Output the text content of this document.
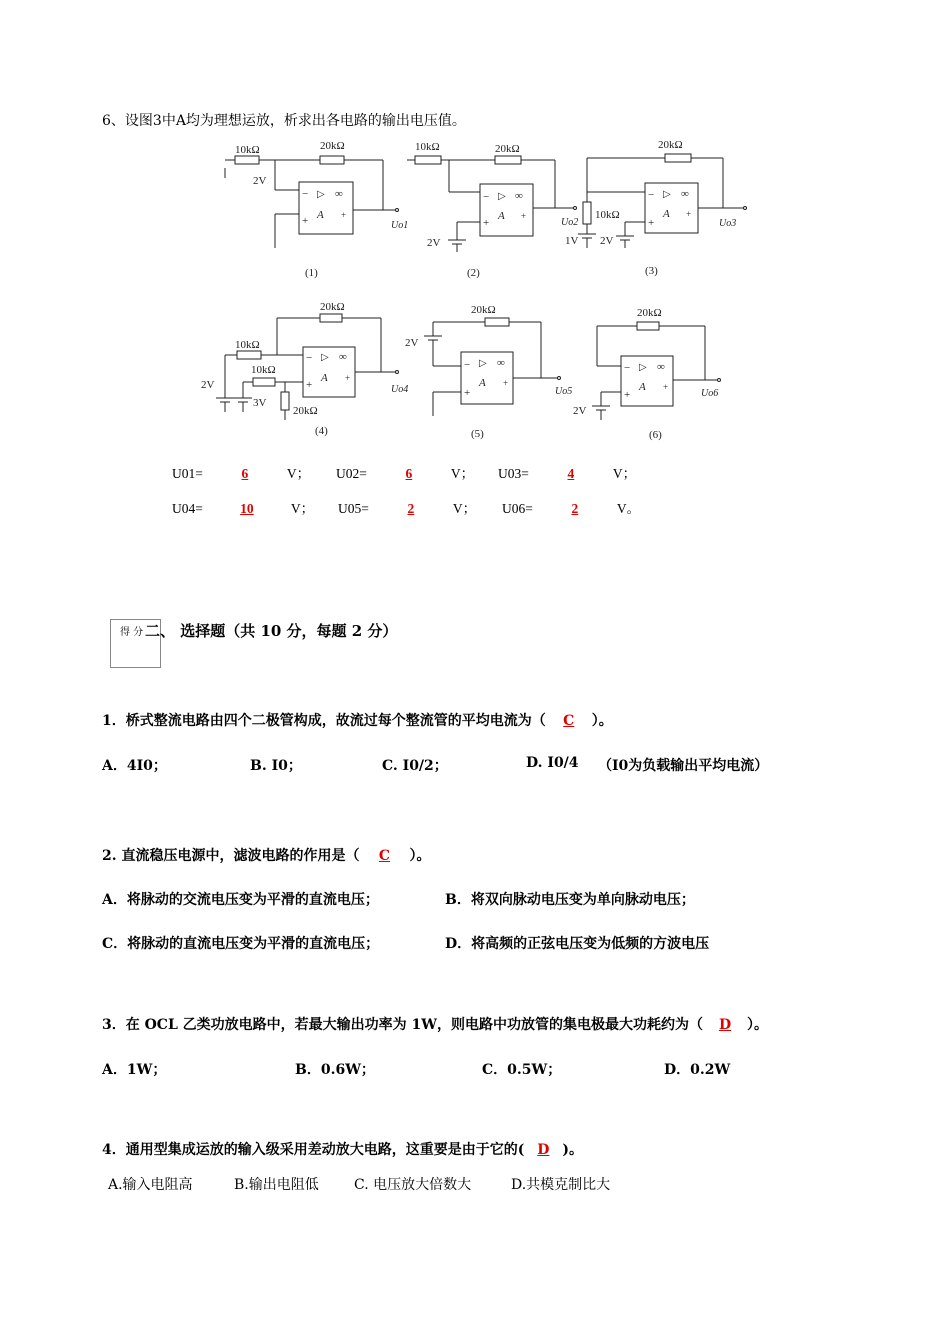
6、设图3中A均为理想运放，析求出各电路的输出电压值。
10kΩ	20kΩ
2V
▷ ∞
A
−
+	+
Uo1
(1)
10kΩ	20kΩ
2V
▷ ∞
A
−
+
+
Uo2
(2)
20kΩ
10kΩ
1V 2V
▷ ∞
A
−
+
+
Uo3
(3)
20kΩ
10kΩ
10kΩ
2V
3V
20kΩ
▷ ∞
A
−
+
+
Uo4
(4)
20kΩ
2V
▷ ∞
A
−
+
+
Uo5
(5)
20kΩ
2V
▷ ∞
A
−
+
+
Uo6
(6)
U01=	6	V； U02=	6	V； U03=	4	V；
U04=	10	V； U05=	2	V； U06=	2	V。
得 分 二、 选择题（共 10 分，每题 2 分）
1．桥式整流电路由四个二极管构成，故流过每个整流管的平均电流为（ C ）。
A．4I0；	B. I0；	C. I0/2；	D. I0/4 （I0为负载输出平均电流）
2. 直流稳压电源中，滤波电路的作用是（ C ）。
A．将脉动的交流电压变为平滑的直流电压；	B．将双向脉动电压变为单向脉动电压；
C．将脉动的直流电压变为平滑的直流电压；	D．将高频的正弦电压变为低频的方波电压
3．在 OCL 乙类功放电路中，若最大输出功率为 1W，则电路中功放管的集电极最大功耗约为（ D ）。
A．1W；	B．0.6W；	C．0.5W；	D．0.2W
4．通用型集成运放的输入级采用差动放大电路，这重要是由于它的( D )。
A.输入电阻高	B.输出电阻低	C. 电压放大倍数大	D.共模克制比大
